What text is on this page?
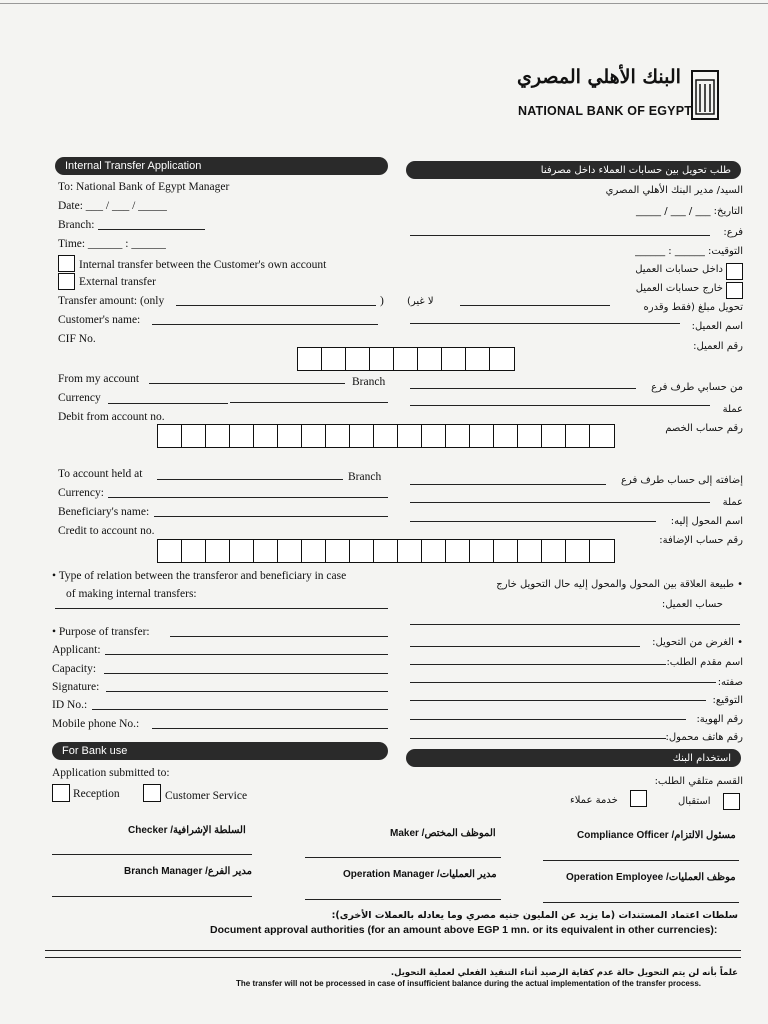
البنك الأهلي المصري
NATIONAL BANK OF EGYPT
Internal Transfer Application	طلب تحويل بين حسابات العملاء داخل مصرفنا
To: National Bank of Egypt Manager
Date: ___ / ___ / _____
Branch:
Time: ______ : ______
Internal transfer between the Customer's own account
External transfer
Transfer amount: (only	)
Customer's name:
CIF No.
From my account	Branch
Currency
Debit from account no.
To account held at	Branch
Currency:
Beneficiary's name:
Credit to account no.
• Type of relation between the transferor and beneficiary in case
of making internal transfers:
• Purpose of transfer:
Applicant:
Capacity:
Signature:
ID No.:
Mobile phone No.:
السيد/ مدير البنك الأهلي المصري
التاريخ: ___ / ___ / _____
فرع:
التوقيت: ______ : ______
داخل حسابات العميل
خارج حسابات العميل
لا غير)
تحويل مبلغ (فقط وقدره
اسم العميل:
رقم العميل:
من حسابي طرف فرع
عملة
رقم حساب الخصم
إضافته إلى حساب طرف فرع
عملة
اسم المحول إليه:
رقم حساب الإضافة:
• طبيعة العلاقة بين المحول والمحول إليه حال التحويل خارج
حساب العميل:
• الغرض من التحويل:
اسم مقدم الطلب:
صفته:
التوقيع:
رقم الهوية:
رقم هاتف محمول:
For Bank use
استخدام البنك
Application submitted to:
القسم متلقي الطلب:
Reception	Customer Service	خدمة عملاء	استقبال
Checker /السلطة الإشرافية	Maker /الموظف المختص	Compliance Officer /مسئول الالتزام
Branch Manager /مدير الفرع	Operation Manager /مدير العمليات	Operation Employee /موظف العمليات
سلطات اعتماد المستندات (ما يزيد عن المليون جنيه مصري وما يعادله بالعملات الأخرى):
Document approval authorities (for an amount above EGP 1 mn. or its equivalent in other currencies):
علماً بأنه لن يتم التحويل حالة عدم كفاية الرصيد أثناء التنفيذ الفعلي لعملية التحويل.
The transfer will not be processed in case of insufficient balance during the actual implementation of the transfer process.
